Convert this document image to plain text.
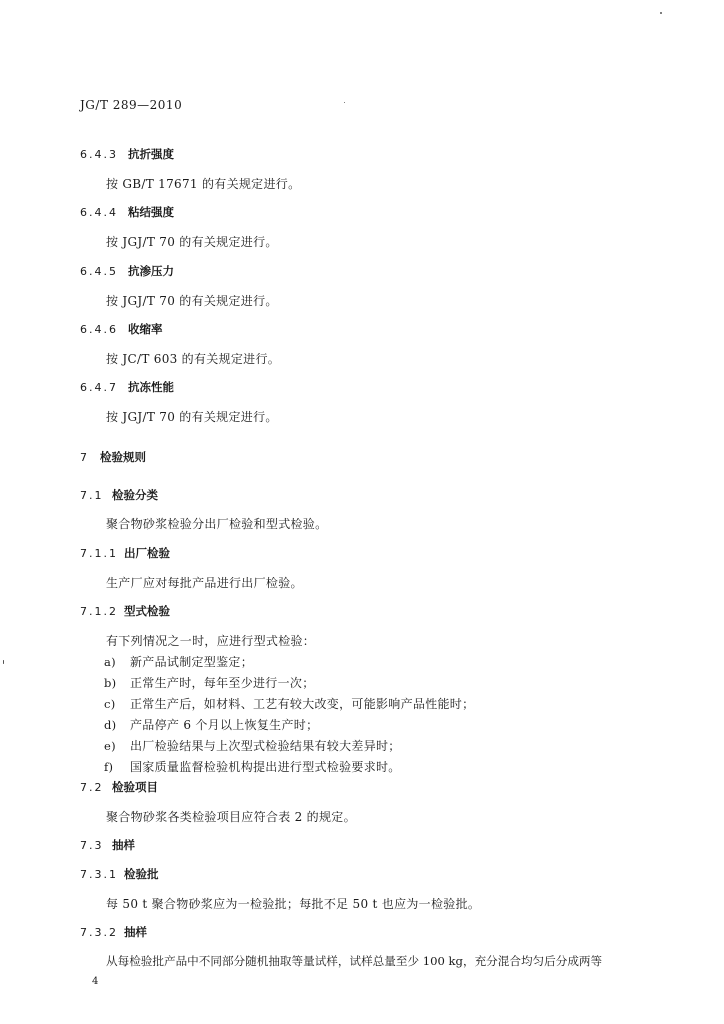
JG/T 289—2010
6.4.3 抗折强度
按 GB/T 17671 的有关规定进行。
6.4.4 粘结强度
按 JGJ/T 70 的有关规定进行。
6.4.5 抗渗压力
按 JGJ/T 70 的有关规定进行。
6.4.6 收缩率
按 JC/T 603 的有关规定进行。
6.4.7 抗冻性能
按 JGJ/T 70 的有关规定进行。
7 检验规则
7.1 检验分类
聚合物砂浆检验分出厂检验和型式检验。
7.1.1 出厂检验
生产厂应对每批产品进行出厂检验。
7.1.2 型式检验
有下列情况之一时，应进行型式检验：
a) 新产品试制定型鉴定；
b) 正常生产时，每年至少进行一次；
c) 正常生产后，如材料、工艺有较大改变，可能影响产品性能时；
d) 产品停产 6 个月以上恢复生产时；
e) 出厂检验结果与上次型式检验结果有较大差异时；
f) 国家质量监督检验机构提出进行型式检验要求时。
7.2 检验项目
聚合物砂浆各类检验项目应符合表 2 的规定。
7.3 抽样
7.3.1 检验批
每 50 t 聚合物砂浆应为一检验批；每批不足 50 t 也应为一检验批。
7.3.2 抽样
从每检验批产品中不同部分随机抽取等量试样，试样总量至少 100 kg，充分混合均匀后分成两等
4
